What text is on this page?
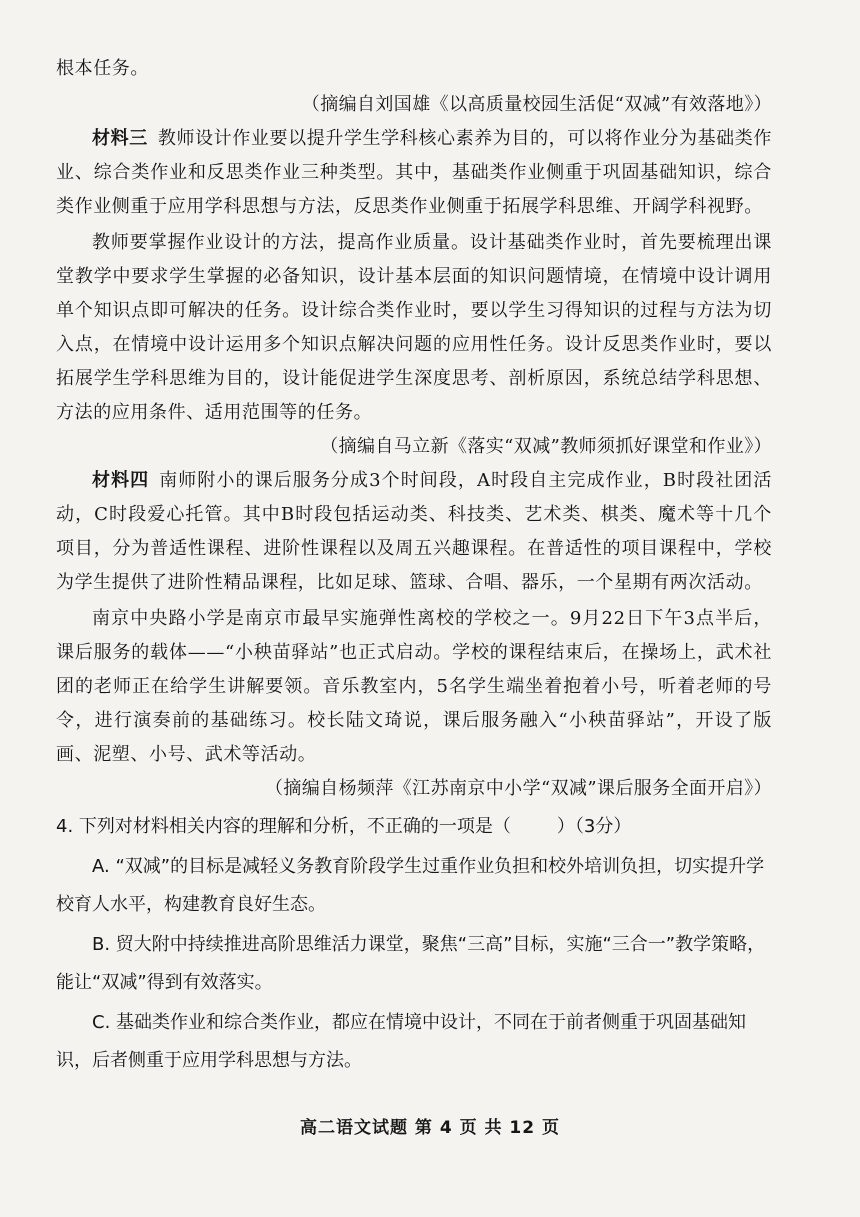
根本任务。

（摘编自刘国雄《以高质量校园生活促“双减”有效落地》）

材料三 教师设计作业要以提升学生学科核心素养为目的，可以将作业分为基础类作业、综合类作业和反思类作业三种类型。其中，基础类作业侧重于巩固基础知识，综合类作业侧重于应用学科思想与方法，反思类作业侧重于拓展学科思维、开阔学科视野。

教师要掌握作业设计的方法，提高作业质量。设计基础类作业时，首先要梳理出课堂教学中要求学生掌握的必备知识，设计基本层面的知识问题情境，在情境中设计调用单个知识点即可解决的任务。设计综合类作业时，要以学生习得知识的过程与方法为切入点，在情境中设计运用多个知识点解决问题的应用性任务。设计反思类作业时，要以拓展学生学科思维为目的，设计能促进学生深度思考、剖析原因，系统总结学科思想、方法的应用条件、适用范围等的任务。

（摘编自马立新《落实“双减”教师须抓好课堂和作业》）

材料四 南师附小的课后服务分成3个时间段，A时段自主完成作业，B时段社团活动，C时段爱心托管。其中B时段包括运动类、科技类、艺术类、棋类、魔术等十几个项目，分为普适性课程、进阶性课程以及周五兴趣课程。在普适性的项目课程中，学校为学生提供了进阶性精品课程，比如足球、篮球、合唱、器乐，一个星期有两次活动。

南京中央路小学是南京市最早实施弹性离校的学校之一。9月22日下午3点半后，课后服务的载体——“小秧苗驿站”也正式启动。学校的课程结束后，在操场上，武术社团的老师正在给学生讲解要领。音乐教室内，5名学生端坐着抱着小号，听着老师的号令，进行演奏前的基础练习。校长陆文琦说，课后服务融入“小秧苗驿站”，开设了版画、泥塑、小号、武术等活动。

（摘编自杨频萍《江苏南京中小学“双减”课后服务全面开启》）

4. 下列对材料相关内容的理解和分析，不正确的一项是（	）（3分）

A. “双减”的目标是减轻义务教育阶段学生过重作业负担和校外培训负担，切实提升学校育人水平，构建教育良好生态。

B. 贸大附中持续推进高阶思维活力课堂，聚焦“三高”目标，实施“三合一”教学策略，能让“双减”得到有效落实。

C. 基础类作业和综合类作业，都应在情境中设计，不同在于前者侧重于巩固基础知识，后者侧重于应用学科思想与方法。

高二语文试题 第 4 页 共 12 页
